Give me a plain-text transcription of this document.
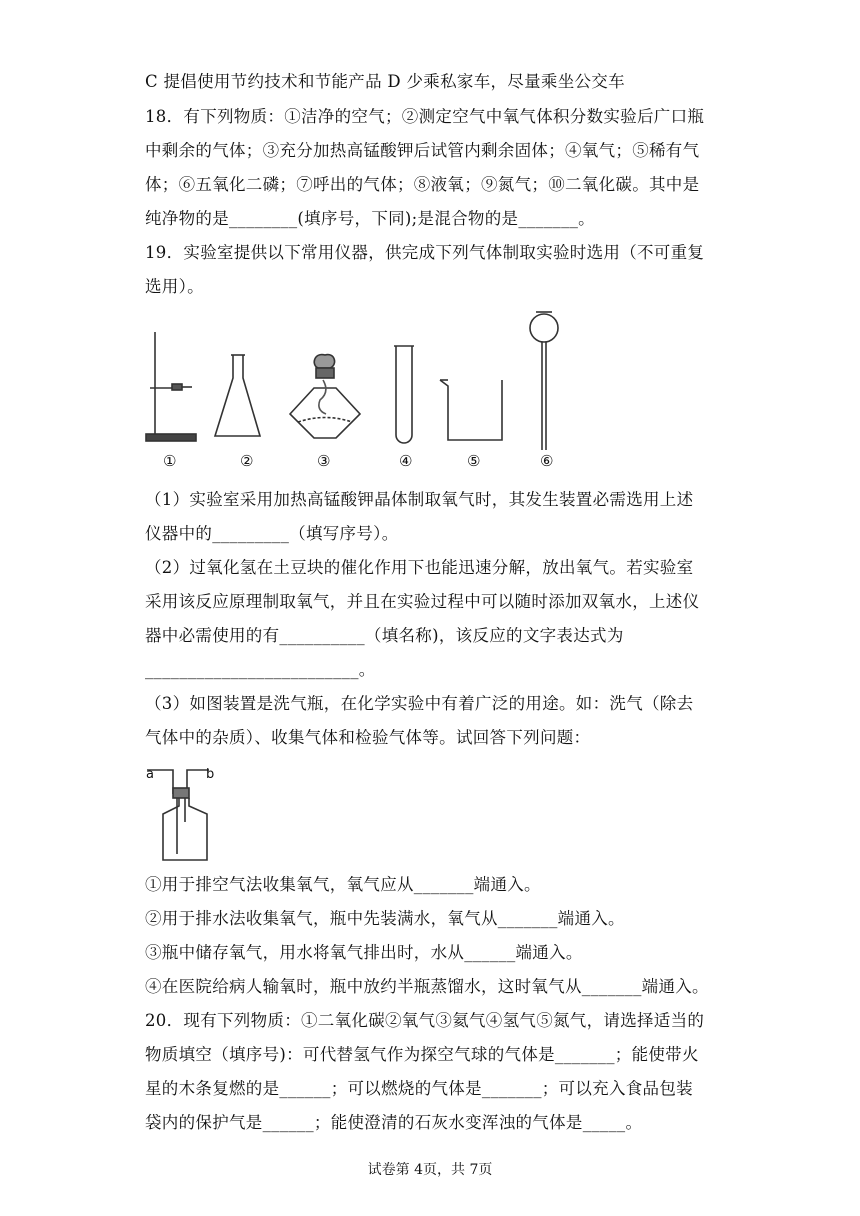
C 提倡使用节约技术和节能产品 D 少乘私家车，尽量乘坐公交车
18．有下列物质：①洁净的空气；②测定空气中氧气体积分数实验后广口瓶
中剩余的气体；③充分加热高锰酸钾后试管内剩余固体；④氧气；⑤稀有气
体；⑥五氧化二磷；⑦呼出的气体；⑧液氧；⑨氮气；⑩二氧化碳。其中是
纯净物的是________(填序号，下同);是混合物的是_______。
19．实验室提供以下常用仪器，供完成下列气体制取实验时选用（不可重复
选用）。
①	②	③	④	⑤	⑥
（1）实验室采用加热高锰酸钾晶体制取氧气时，其发生装置必需选用上述
仪器中的_________（填写序号）。
（2）过氧化氢在土豆块的催化作用下也能迅速分解，放出氧气。若实验室
采用该反应原理制取氧气，并且在实验过程中可以随时添加双氧水，上述仪
器中必需使用的有__________（填名称)，该反应的文字表达式为
_________________________。
（3）如图装置是洗气瓶，在化学实验中有着广泛的用途。如：洗气（除去
气体中的杂质）、收集气体和检验气体等。试回答下列问题：
a	b
①用于排空气法收集氧气，氧气应从_______端通入。
②用于排水法收集氧气，瓶中先装满水，氧气从_______端通入。
③瓶中储存氧气，用水将氧气排出时，水从______端通入。
④在医院给病人输氧时，瓶中放约半瓶蒸馏水，这时氧气从_______端通入。
20．现有下列物质：①二氧化碳②氧气③氦气④氢气⑤氮气，请选择适当的
物质填空（填序号)：可代替氢气作为探空气球的气体是_______；能使带火
星的木条复燃的是______；可以燃烧的气体是_______；可以充入食品包装
袋内的保护气是______；能使澄清的石灰水变浑浊的气体是_____。
试卷第 4页，共 7页
